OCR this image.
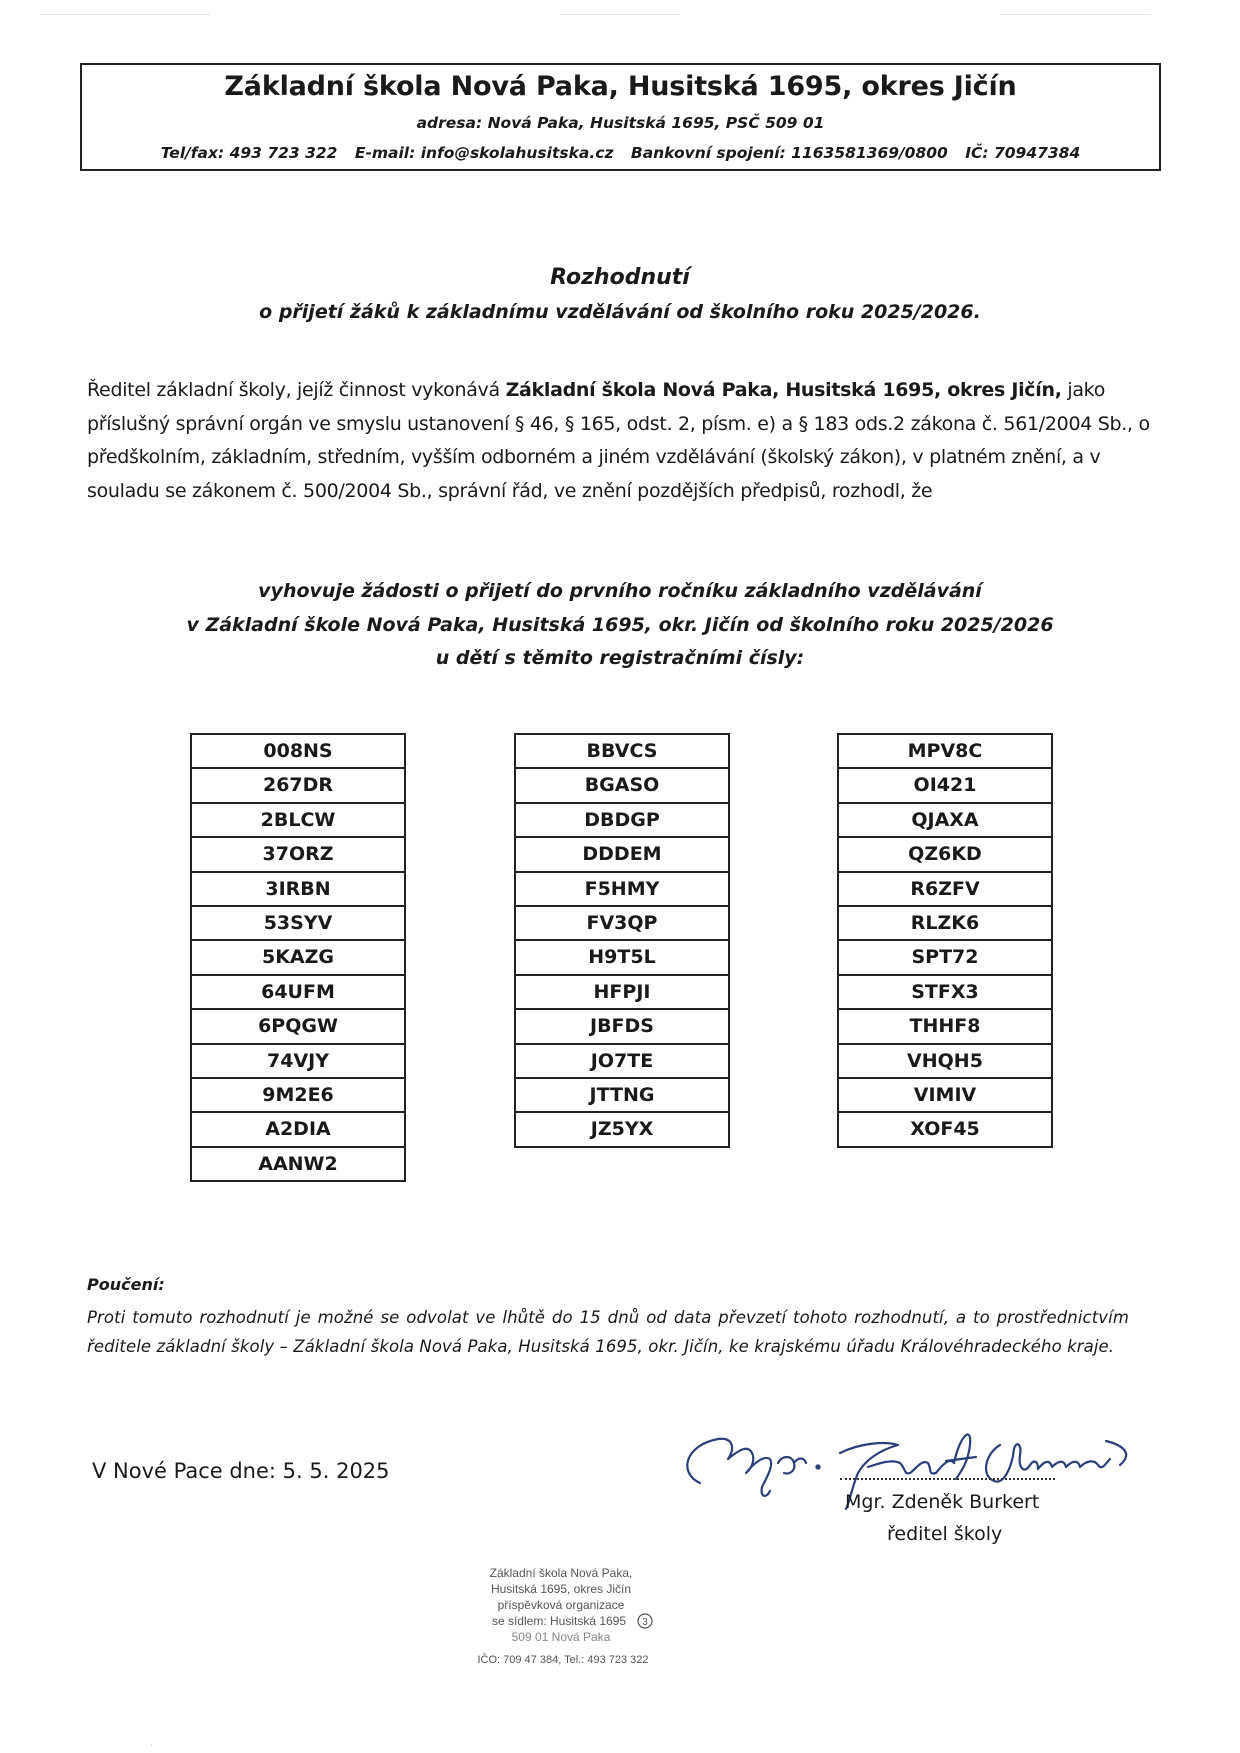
Základní škola Nová Paka, Husitská 1695, okres Jičín
adresa: Nová Paka, Husitská 1695, PSČ 509 01
Tel/fax: 493 723 322 E-mail: info@skolahusitska.cz Bankovní spojení: 1163581369/0800 IČ: 70947384
Rozhodnutí
o přijetí žáků k základnímu vzdělávání od školního roku 2025/2026.
Ředitel základní školy, jejíž činnost vykonává Základní škola Nová Paka, Husitská 1695, okres Jičín, jako příslušný správní orgán ve smyslu ustanovení § 46, § 165, odst. 2, písm. e) a § 183 ods.2 zákona č. 561/2004 Sb., o předškolním, základním, středním, vyšším odborném a jiném vzdělávání (školský zákon), v platném znění, a v souladu se zákonem č. 500/2004 Sb., správní řád, ve znění pozdějších předpisů, rozhodl, že
vyhovuje žádosti o přijetí do prvního ročníku základního vzdělávání
v Základní škole Nová Paka, Husitská 1695, okr. Jičín od školního roku 2025/2026
u dětí s těmito registračními čísly:
008NS
267DR
2BLCW
37ORZ
3IRBN
53SYV
5KAZG
64UFM
6PQGW
74VJY
9M2E6
A2DIA
AANW2
BBVCS
BGASO
DBDGP
DDDEM
F5HMY
FV3QP
H9T5L
HFPJI
JBFDS
JO7TE
JTTNG
JZ5YX
MPV8C
OI421
QJAXA
QZ6KD
R6ZFV
RLZK6
SPT72
STFX3
THHF8
VHQH5
VIMIV
XOF45
Poučení:
Proti tomuto rozhodnutí je možné se odvolat ve lhůtě do 15 dnů od data převzetí tohoto rozhodnutí, a to prostřednictvím ředitele základní školy – Základní škola Nová Paka, Husitská 1695, okr. Jičín, ke krajskému úřadu Královéhradeckého kraje.
V Nové Pace dne: 5. 5. 2025
Mgr. Zdeněk Burkert
ředitel školy
Základní škola Nová Paka,
Husitská 1695, okres Jičín
příspěvková organizace
se sídlem: Husitská 1695
509 01 Nová Paka
IČO: 709 47 384, Tel.: 493 723 322
3
·
